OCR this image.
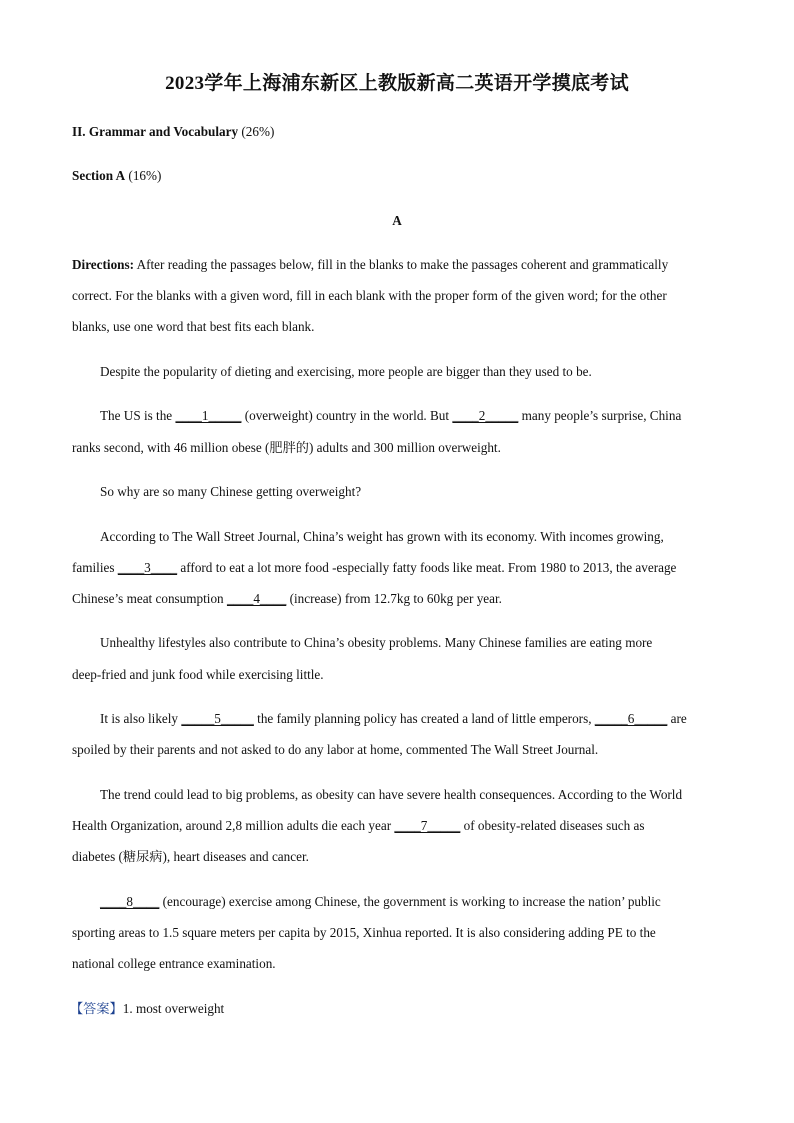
2023学年上海浦东新区上教版新高二英语开学摸底考试
II. Grammar and Vocabulary (26%)
Section A (16%)
A
Directions: After reading the passages below, fill in the blanks to make the passages coherent and grammatically
correct. For the blanks with a given word, fill in each blank with the proper form of the given word; for the other
blanks, use one word that best fits each blank.
Despite the popularity of dieting and exercising, more people are bigger than they used to be.
The US is the ____1_____ (overweight) country in the world. But ____2_____ many people’s surprise, China
ranks second, with 46 million obese (肥胖的) adults and 300 million overweight.
So why are so many Chinese getting overweight?
According to The Wall Street Journal, China’s weight has grown with its economy. With incomes growing,
families ____3____ afford to eat a lot more food -especially fatty foods like meat. From 1980 to 2013, the average
Chinese’s meat consumption ____4____ (increase) from 12.7kg to 60kg per year.
Unhealthy lifestyles also contribute to China’s obesity problems. Many Chinese families are eating more
deep-fried and junk food while exercising little.
It is also likely _____5_____ the family planning policy has created a land of little emperors, _____6_____ are
spoiled by their parents and not asked to do any labor at home, commented The Wall Street Journal.
The trend could lead to big problems, as obesity can have severe health consequences. According to the World
Health Organization, around 2,8 million adults die each year ____7_____ of obesity-related diseases such as
diabetes (糖尿病), heart diseases and cancer.
____8____ (encourage) exercise among Chinese, the government is working to increase the nation’ public
sporting areas to 1.5 square meters per capita by 2015, Xinhua reported. It is also considering adding PE to the
national college entrance examination.
【答案】1. most overweight
